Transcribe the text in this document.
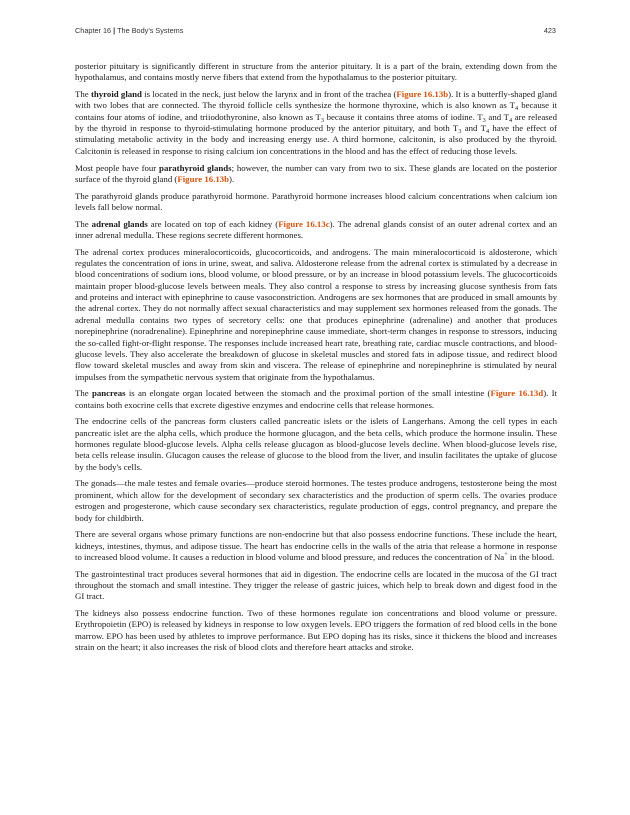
Chapter 16 | The Body's Systems	423

posterior pituitary is significantly different in structure from the anterior pituitary. It is a part of the brain, extending down from the hypothalamus, and contains mostly nerve fibers that extend from the hypothalamus to the posterior pituitary.

The thyroid gland is located in the neck, just below the larynx and in front of the trachea (Figure 16.13b). It is a butterfly-shaped gland with two lobes that are connected. The thyroid follicle cells synthesize the hormone thyroxine, which is also known as $T_4$ because it contains four atoms of iodine, and triiodothyronine, also known as $T_3$ because it contains three atoms of iodine. $T_3$ and $T_4$ are released by the thyroid in response to thyroid-stimulating hormone produced by the anterior pituitary, and both $T_3$ and $T_4$ have the effect of stimulating metabolic activity in the body and increasing energy use. A third hormone, calcitonin, is also produced by the thyroid. Calcitonin is released in response to rising calcium ion concentrations in the blood and has the effect of reducing those levels.

Most people have four parathyroid glands; however, the number can vary from two to six. These glands are located on the posterior surface of the thyroid gland (Figure 16.13b).

The parathyroid glands produce parathyroid hormone. Parathyroid hormone increases blood calcium concentrations when calcium ion levels fall below normal.

The adrenal glands are located on top of each kidney (Figure 16.13c). The adrenal glands consist of an outer adrenal cortex and an inner adrenal medulla. These regions secrete different hormones.

The adrenal cortex produces mineralocorticoids, glucocorticoids, and androgens. The main mineralocorticoid is aldosterone, which regulates the concentration of ions in urine, sweat, and saliva. Aldosterone release from the adrenal cortex is stimulated by a decrease in blood concentrations of sodium ions, blood volume, or blood pressure, or by an increase in blood potassium levels. The glucocorticoids maintain proper blood-glucose levels between meals. They also control a response to stress by increasing glucose synthesis from fats and proteins and interact with epinephrine to cause vasoconstriction. Androgens are sex hormones that are produced in small amounts by the adrenal cortex. They do not normally affect sexual characteristics and may supplement sex hormones released from the gonads. The adrenal medulla contains two types of secretory cells: one that produces epinephrine (adrenaline) and another that produces norepinephrine (noradrenaline). Epinephrine and norepinephrine cause immediate, short-term changes in response to stressors, inducing the so-called fight-or-flight response. The responses include increased heart rate, breathing rate, cardiac muscle contractions, and blood-glucose levels. They also accelerate the breakdown of glucose in skeletal muscles and stored fats in adipose tissue, and redirect blood flow toward skeletal muscles and away from skin and viscera. The release of epinephrine and norepinephrine is stimulated by neural impulses from the sympathetic nervous system that originate from the hypothalamus.

The pancreas is an elongate organ located between the stomach and the proximal portion of the small intestine (Figure 16.13d). It contains both exocrine cells that excrete digestive enzymes and endocrine cells that release hormones.

The endocrine cells of the pancreas form clusters called pancreatic islets or the islets of Langerhans. Among the cell types in each pancreatic islet are the alpha cells, which produce the hormone glucagon, and the beta cells, which produce the hormone insulin. These hormones regulate blood-glucose levels. Alpha cells release glucagon as blood-glucose levels decline. When blood-glucose levels rise, beta cells release insulin. Glucagon causes the release of glucose to the blood from the liver, and insulin facilitates the uptake of glucose by the body's cells.

The gonads—the male testes and female ovaries—produce steroid hormones. The testes produce androgens, testosterone being the most prominent, which allow for the development of secondary sex characteristics and the production of sperm cells. The ovaries produce estrogen and progesterone, which cause secondary sex characteristics, regulate production of eggs, control pregnancy, and prepare the body for childbirth.

There are several organs whose primary functions are non-endocrine but that also possess endocrine functions. These include the heart, kidneys, intestines, thymus, and adipose tissue. The heart has endocrine cells in the walls of the atria that release a hormone in response to increased blood volume. It causes a reduction in blood volume and blood pressure, and reduces the concentration of Na+ in the blood.

The gastrointestinal tract produces several hormones that aid in digestion. The endocrine cells are located in the mucosa of the GI tract throughout the stomach and small intestine. They trigger the release of gastric juices, which help to break down and digest food in the GI tract.

The kidneys also possess endocrine function. Two of these hormones regulate ion concentrations and blood volume or pressure. Erythropoietin (EPO) is released by kidneys in response to low oxygen levels. EPO triggers the formation of red blood cells in the bone marrow. EPO has been used by athletes to improve performance. But EPO doping has its risks, since it thickens the blood and increases strain on the heart; it also increases the risk of blood clots and therefore heart attacks and stroke.
